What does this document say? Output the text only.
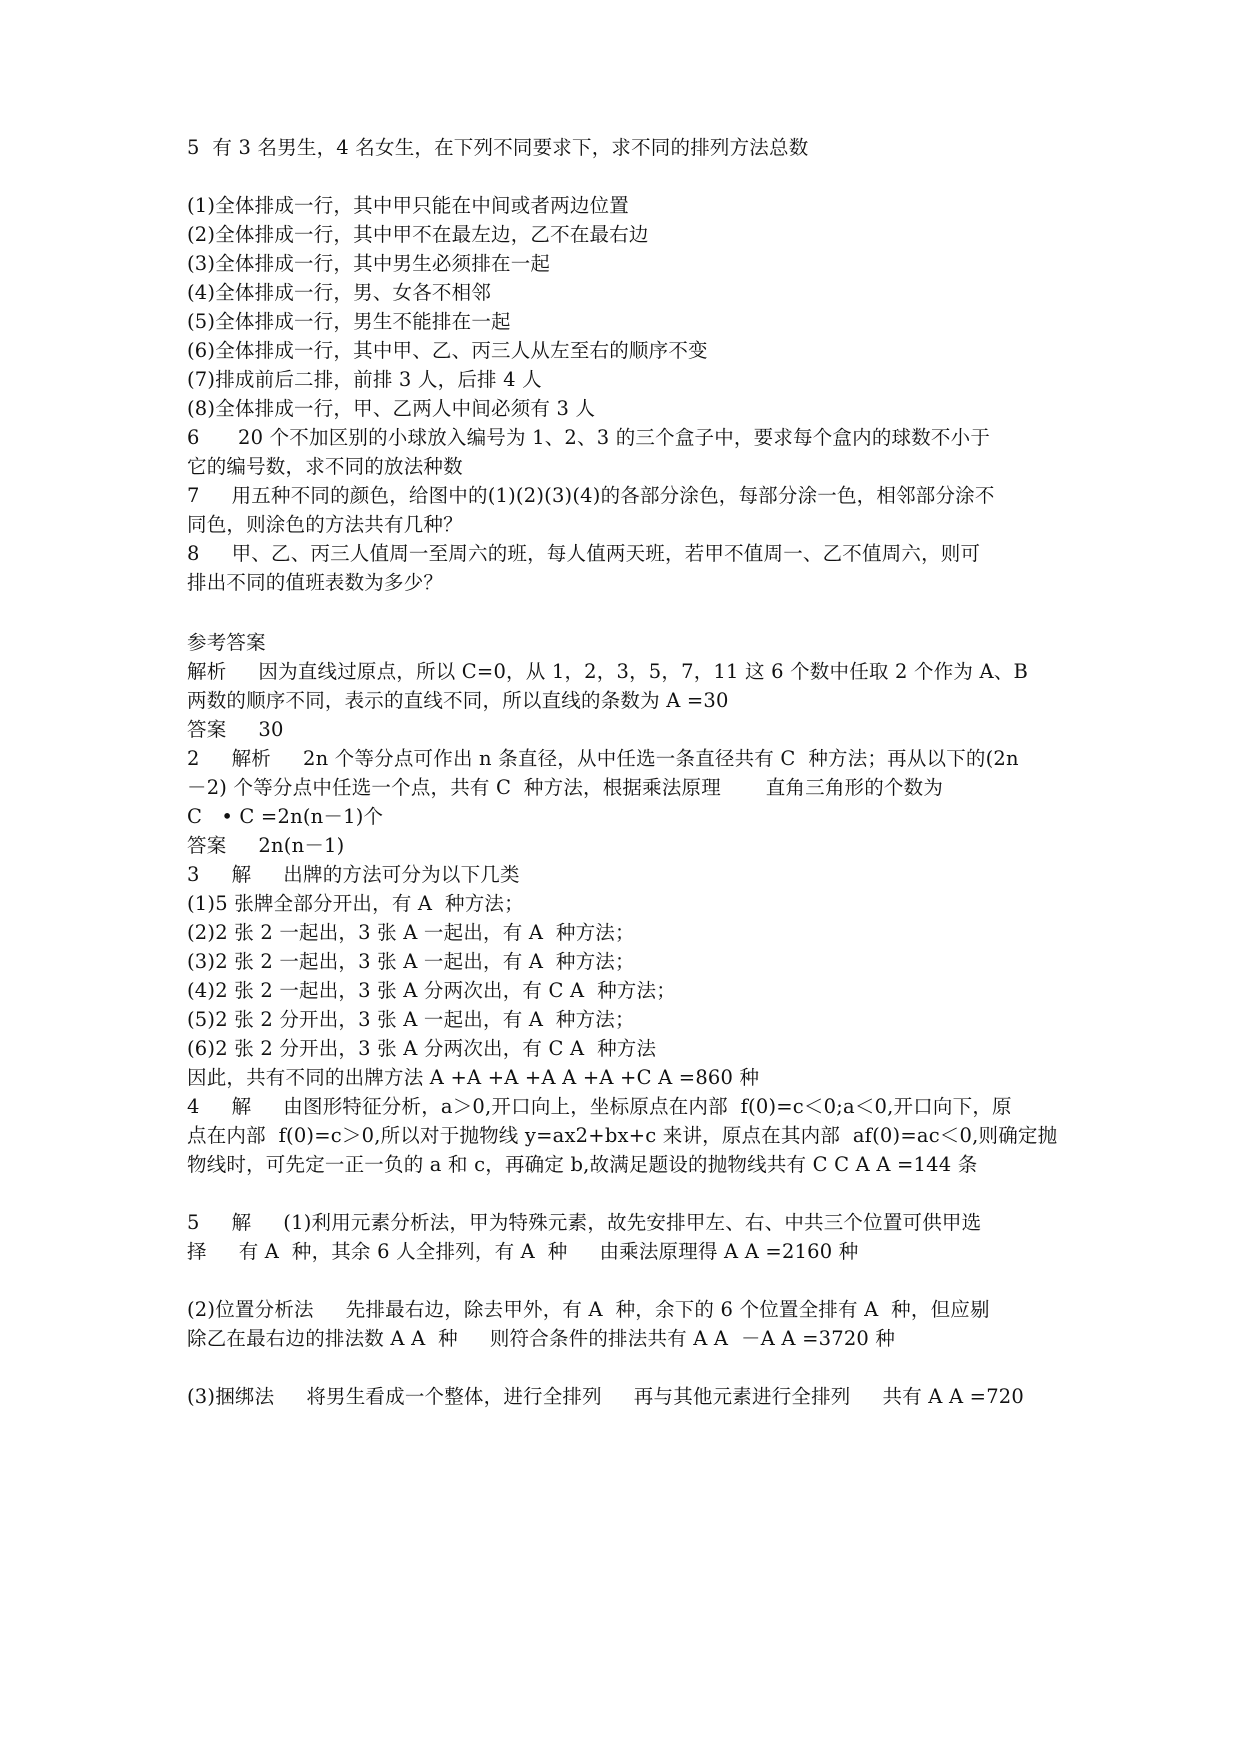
5  有 3 名男生，4 名女生，在下列不同要求下，求不同的排列方法总数
(1)全体排成一行，其中甲只能在中间或者两边位置
(2)全体排成一行，其中甲不在最左边，乙不在最右边
(3)全体排成一行，其中男生必须排在一起
(4)全体排成一行，男、女各不相邻
(5)全体排成一行，男生不能排在一起
(6)全体排成一行，其中甲、乙、丙三人从左至右的顺序不变
(7)排成前后二排，前排 3 人，后排 4 人
(8)全体排成一行，甲、乙两人中间必须有 3 人
6      20 个不加区别的小球放入编号为 1、2、3 的三个盒子中，要求每个盒内的球数不小于
它的编号数，求不同的放法种数
7     用五种不同的颜色，给图中的(1)(2)(3)(4)的各部分涂色，每部分涂一色，相邻部分涂不
同色，则涂色的方法共有几种？
8     甲、乙、丙三人值周一至周六的班，每人值两天班，若甲不值周一、乙不值周六，则可
排出不同的值班表数为多少？
参考答案
解析     因为直线过原点，所以 C=0，从 1，2，3，5，7，11 这 6 个数中任取 2 个作为 A、B
两数的顺序不同，表示的直线不同，所以直线的条数为 A =30
答案     30
2     解析     2n 个等分点可作出 n 条直径，从中任选一条直径共有 C  种方法；再从以下的(2n
－2) 个等分点中任选一个点，共有 C  种方法，根据乘法原理       直角三角形的个数为
C   • C =2n(n－1)个
答案     2n(n－1)
3     解     出牌的方法可分为以下几类
(1)5 张牌全部分开出，有 A  种方法；
(2)2 张 2 一起出，3 张 A 一起出，有 A  种方法；
(3)2 张 2 一起出，3 张 A 一起出，有 A  种方法；
(4)2 张 2 一起出，3 张 A 分两次出，有 C A  种方法；
(5)2 张 2 分开出，3 张 A 一起出，有 A  种方法；
(6)2 张 2 分开出，3 张 A 分两次出，有 C A  种方法
因此，共有不同的出牌方法 A +A +A +A A +A +C A =860 种
4     解     由图形特征分析，a＞0,开口向上，坐标原点在内部  f(0)=c＜0;a＜0,开口向下，原
点在内部  f(0)=c＞0,所以对于抛物线 y=ax2+bx+c 来讲，原点在其内部  af(0)=ac＜0,则确定抛
物线时，可先定一正一负的 a 和 c，再确定 b,故满足题设的抛物线共有 C C A A =144 条
5     解     (1)利用元素分析法，甲为特殊元素，故先安排甲左、右、中共三个位置可供甲选
择     有 A  种，其余 6 人全排列，有 A  种     由乘法原理得 A A =2160 种
(2)位置分析法     先排最右边，除去甲外，有 A  种，余下的 6 个位置全排有 A  种，但应剔
除乙在最右边的排法数 A A  种     则符合条件的排法共有 A A  －A A =3720 种
(3)捆绑法     将男生看成一个整体，进行全排列     再与其他元素进行全排列     共有 A A =720
